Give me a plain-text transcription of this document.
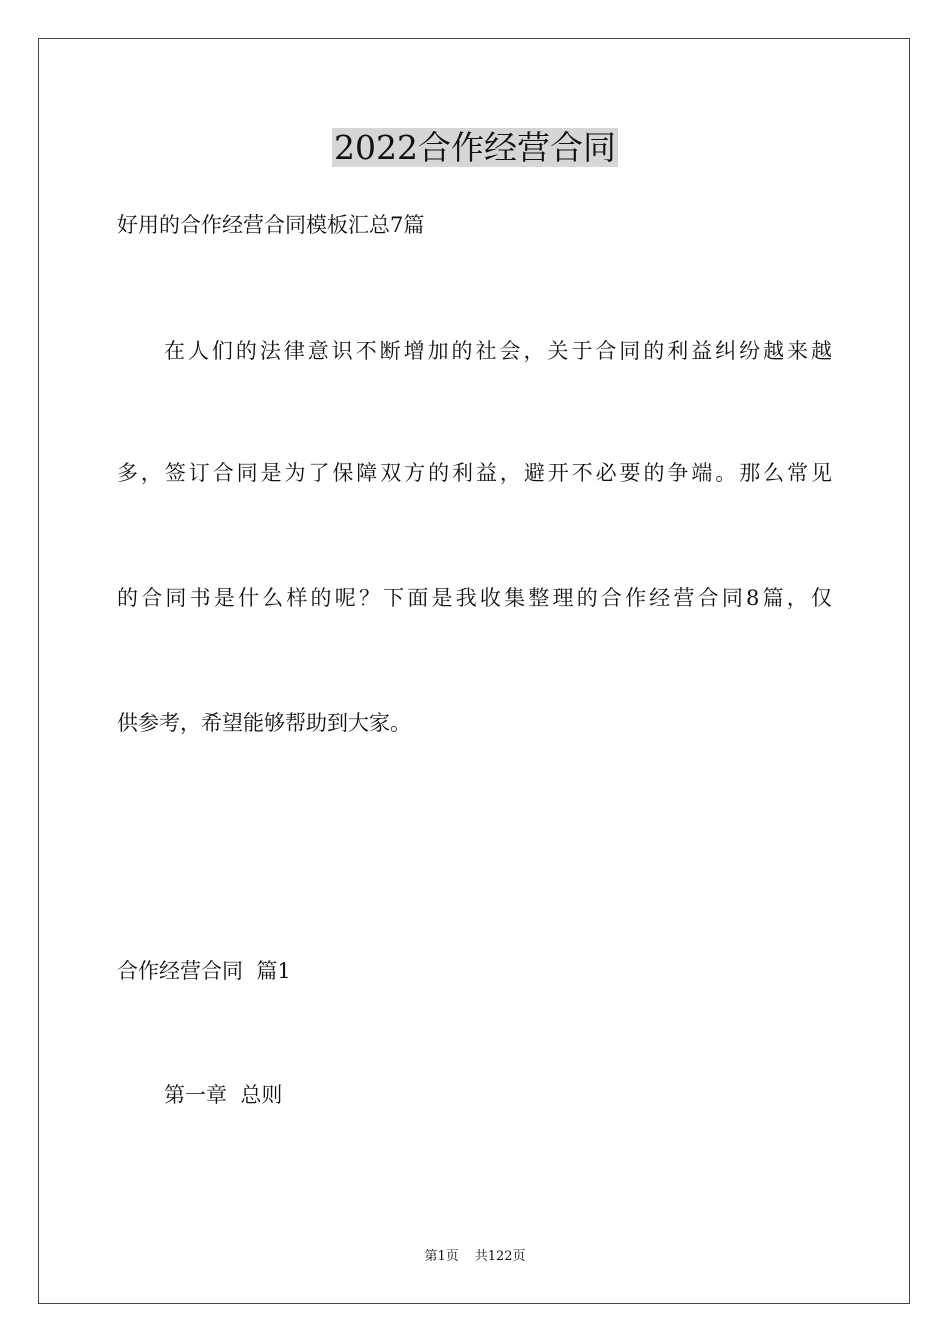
2022合作经营合同
好用的合作经营合同模板汇总7篇
在人们的法律意识不断增加的社会，关于合同的利益纠纷越来越
多，签订合同是为了保障双方的利益，避开不必要的争端。那么常见
的合同书是什么样的呢？下面是我收集整理的合作经营合同8篇，仅
供参考，希望能够帮助到大家。
合作经营合同  篇1
第一章  总则
第1页 共122页
